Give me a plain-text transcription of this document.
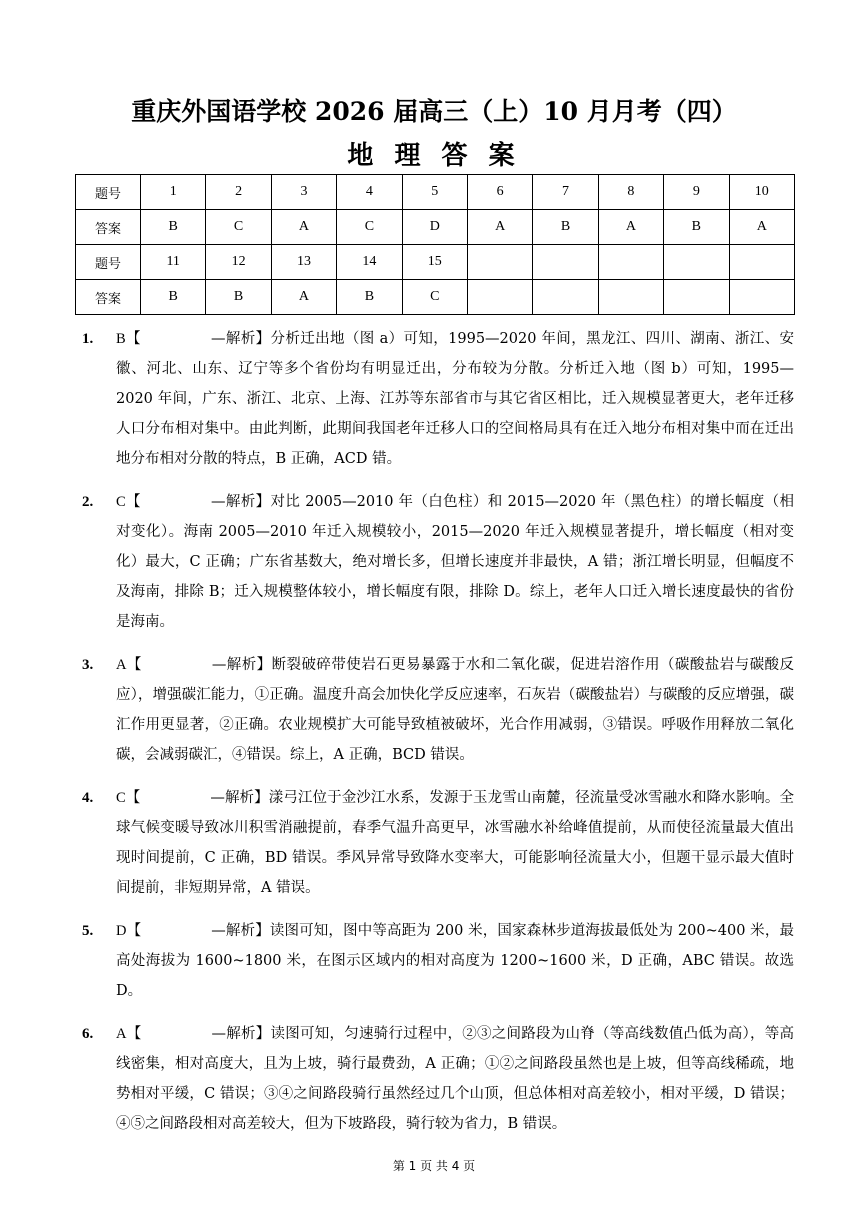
重庆外国语学校 2026 届高三（上）10 月月考（四）
地 理 答 案
题号	1	2	3	4	5	6	7	8	9	10
答案	B	C	A	C	D	A	B	A	B	A
题号	11	12	13	14	15					
答案	B	B	A	B	C					
1.	B【	—解析】分析迁出地（图 a）可知，1995—2020 年间，黑龙江、四川、湖南、浙江、安徽、河北、山东、辽宁等多个省份均有明显迁出，分布较为分散。分析迁入地（图 b）可知，1995—2020 年间，广东、浙江、北京、上海、江苏等东部省市与其它省区相比，迁入规模显著更大，老年迁移人口分布相对集中。由此判断，此期间我国老年迁移人口的空间格局具有在迁入地分布相对集中而在迁出地分布相对分散的特点，B 正确，ACD 错。
2.	C【	—解析】对比 2005—2010 年（白色柱）和 2015—2020 年（黑色柱）的增长幅度（相对变化）。海南 2005—2010 年迁入规模较小，2015—2020 年迁入规模显著提升，增长幅度（相对变化）最大，C 正确；广东省基数大，绝对增长多，但增长速度并非最快，A 错；浙江增长明显，但幅度不及海南，排除 B；迁入规模整体较小，增长幅度有限，排除 D。综上，老年人口迁入增长速度最快的省份是海南。
3.	A【	—解析】断裂破碎带使岩石更易暴露于水和二氧化碳，促进岩溶作用（碳酸盐岩与碳酸反应），增强碳汇能力，①正确。温度升高会加快化学反应速率，石灰岩（碳酸盐岩）与碳酸的反应增强，碳汇作用更显著，②正确。农业规模扩大可能导致植被破坏，光合作用减弱，③错误。呼吸作用释放二氧化碳，会减弱碳汇，④错误。综上，A 正确，BCD 错误。
4.	C【	—解析】漾弓江位于金沙江水系，发源于玉龙雪山南麓，径流量受冰雪融水和降水影响。全球气候变暖导致冰川积雪消融提前，春季气温升高更早，冰雪融水补给峰值提前，从而使径流量最大值出现时间提前，C 正确，BD 错误。季风异常导致降水变率大，可能影响径流量大小，但题干显示最大值时间提前，非短期异常，A 错误。
5.	D【	—解析】读图可知，图中等高距为 200 米，国家森林步道海拔最低处为 200~400 米，最高处海拔为 1600~1800 米，在图示区域内的相对高度为 1200~1600 米，D 正确，ABC 错误。故选 D。
6.	A【	—解析】读图可知，匀速骑行过程中，②③之间路段为山脊（等高线数值凸低为高），等高线密集，相对高度大，且为上坡，骑行最费劲，A 正确；①②之间路段虽然也是上坡，但等高线稀疏，地势相对平缓，C 错误；③④之间路段骑行虽然经过几个山顶，但总体相对高差较小，相对平缓，D 错误；④⑤之间路段相对高差较大，但为下坡路段，骑行较为省力，B 错误。
第 1 页 共 4 页
